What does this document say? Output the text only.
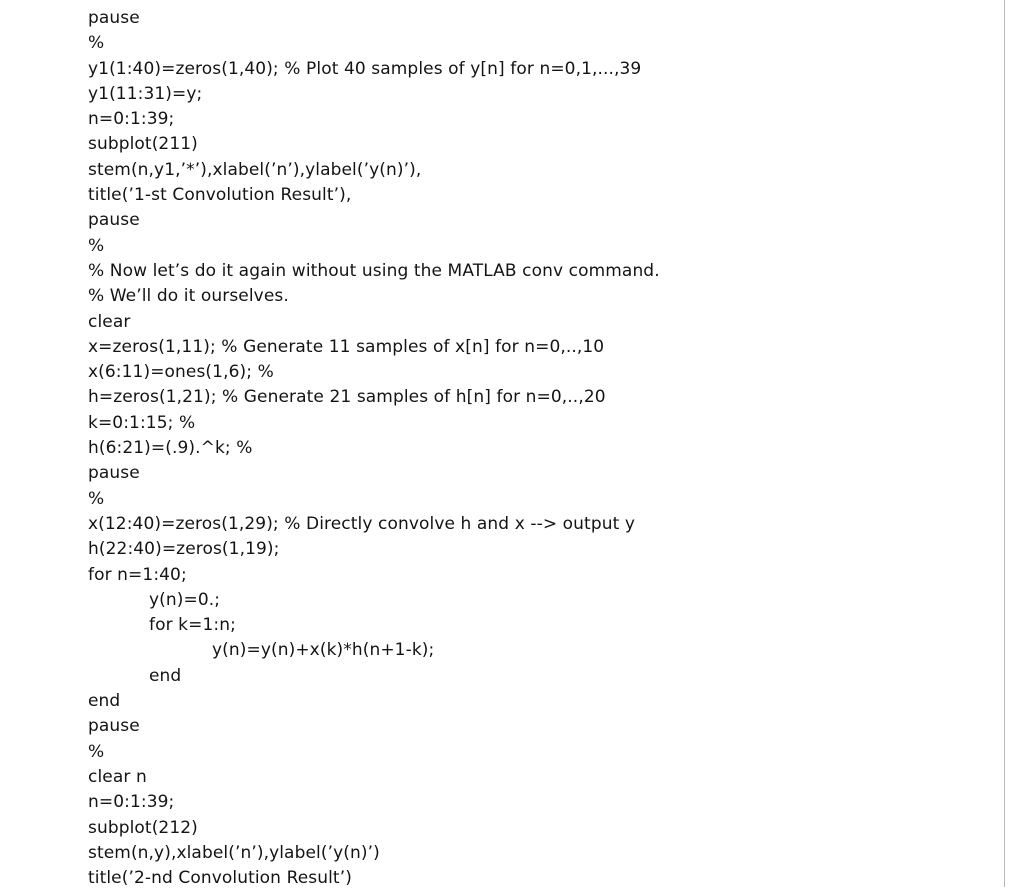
pause
%
y1(1:40)=zeros(1,40); % Plot 40 samples of y[n] for n=0,1,...,39
y1(11:31)=y;
n=0:1:39;
subplot(211)
stem(n,y1,’*’),xlabel(’n’),ylabel(’y(n)’),
title(’1-st Convolution Result’),
pause
%
% Now let’s do it again without using the MATLAB conv command.
% We’ll do it ourselves.
clear
x=zeros(1,11); % Generate 11 samples of x[n] for n=0,..,10
x(6:11)=ones(1,6); %
h=zeros(1,21); % Generate 21 samples of h[n] for n=0,..,20
k=0:1:15; %
h(6:21)=(.9).^k; %
pause
%
x(12:40)=zeros(1,29); % Directly convolve h and x --> output y
h(22:40)=zeros(1,19);
for n=1:40;
y(n)=0.;
for k=1:n;
y(n)=y(n)+x(k)*h(n+1-k);
end
end
pause
%
clear n
n=0:1:39;
subplot(212)
stem(n,y),xlabel(’n’),ylabel(’y(n)’)
title(’2-nd Convolution Result’)
